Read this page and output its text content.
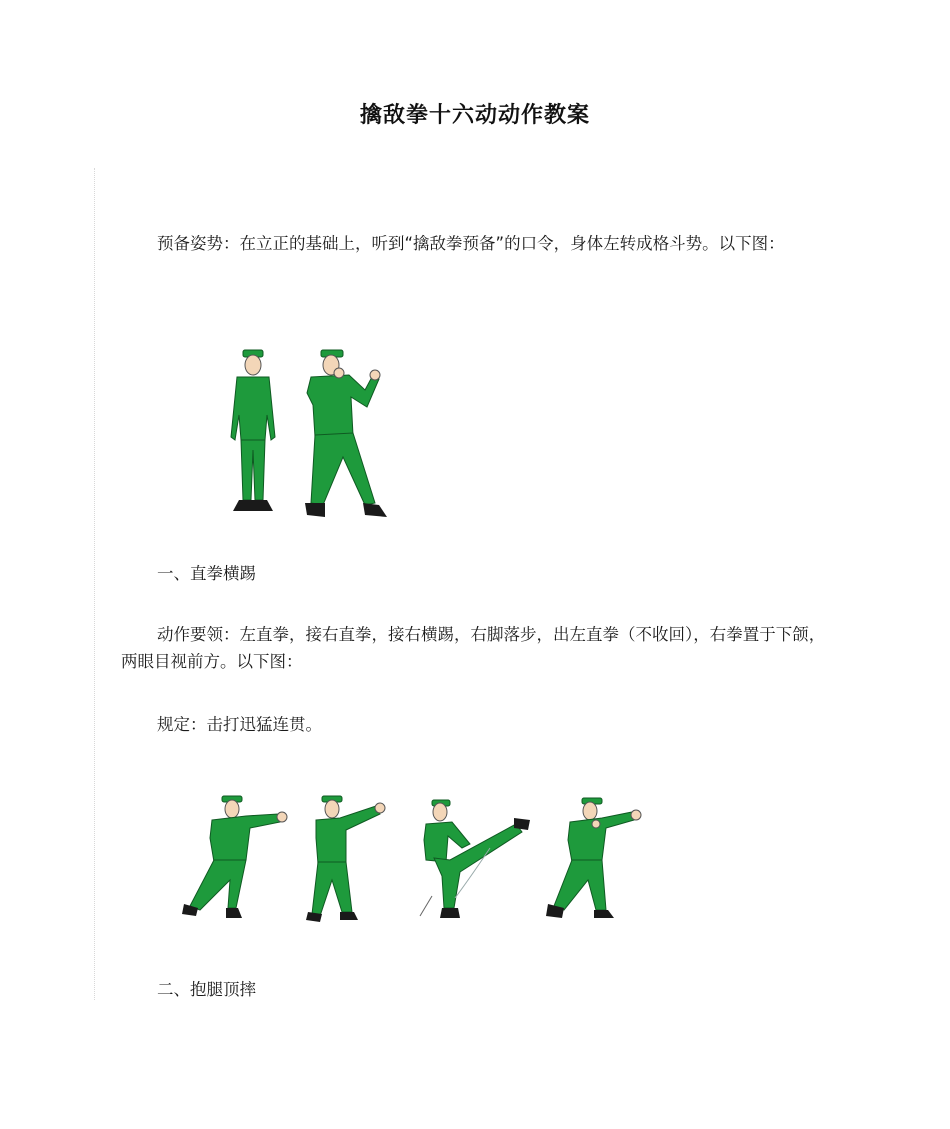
擒敌拳十六动动作教案
预备姿势：在立正的基础上，听到“擒敌拳预备”的口令，身体左转成格斗势。以下图：
一、直拳横踢
动作要领：左直拳，接右直拳，接右横踢，右脚落步，出左直拳（不收回），右拳置于下颌，两眼目视前方。以下图：
规定：击打迅猛连贯。
二、抱腿顶摔
